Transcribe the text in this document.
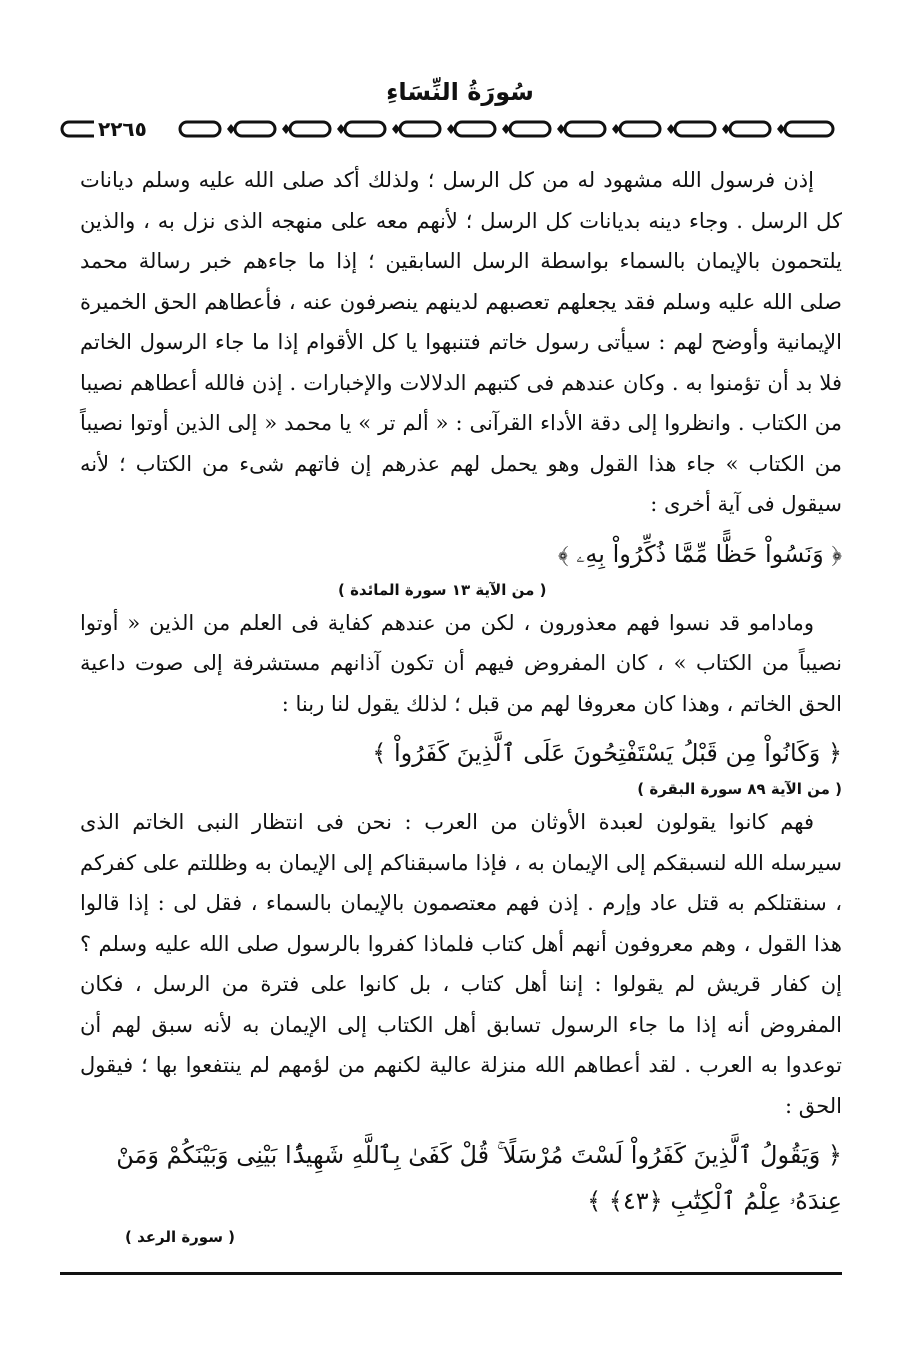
سُورَةُ النِّسَاءِ
٢٢٦٥

إذن فرسول الله مشهود له من كل الرسل ؛ ولذلك أكد صلى الله عليه وسلم ديانات كل الرسل . وجاء دينه بديانات كل الرسل ؛ لأنهم معه على منهجه الذى نزل به ، والذين يلتحمون بالإيمان بالسماء بواسطة الرسل السابقين ؛ إذا ما جاءهم خبر رسالة محمد صلى الله عليه وسلم فقد يجعلهم تعصبهم لدينهم ينصرفون عنه ، فأعطاهم الحق الخميرة الإيمانية وأوضح لهم : سيأتى رسول خاتم فتنبهوا يا كل الأقوام إذا ما جاء الرسول الخاتم فلا بد أن تؤمنوا به . وكان عندهم فى كتبهم الدلالات والإخبارات . إذن فالله أعطاهم نصيبا من الكتاب . وانظروا إلى دقة الأداء القرآنى : « ألم تر » يا محمد « إلى الذين أوتوا نصيباً من الكتاب » جاء هذا القول وهو يحمل لهم عذرهم إن فاتهم شىء من الكتاب ؛ لأنه سيقول فى آية أخرى :

﴿ وَنَسُواْ حَظًّا مِّمَّا ذُكِّرُواْ بِهِۦ ﴾

( من الآية ١٣ سورة المائدة )

ومادامو قد نسوا فهم معذورون ، لكن من عندهم كفاية فى العلم من الذين « أوتوا نصيباً من الكتاب » ، كان المفروض فيهم أن تكون آذانهم مستشرفة إلى صوت داعية الحق الخاتم ، وهذا كان معروفا لهم من قبل ؛ لذلك يقول لنا ربنا :

﴿ وَكَانُواْ مِن قَبْلُ يَسْتَفْتِحُونَ عَلَى ٱلَّذِينَ كَفَرُواْ ﴾

( من الآية ٨٩ سورة البقرة )

فهم كانوا يقولون لعبدة الأوثان من العرب : نحن فى انتظار النبى الخاتم الذى سيرسله الله لنسبقكم إلى الإيمان به ، فإذا ماسبقناكم إلى الإيمان به وظللتم على كفركم ، سنقتلكم به قتل عاد وإرم . إذن فهم معتصمون بالإيمان بالسماء ، فقل لى : إذا قالوا هذا القول ، وهم معروفون أنهم أهل كتاب فلماذا كفروا بالرسول صلى الله عليه وسلم ؟ إن كفار قريش لم يقولوا : إننا أهل كتاب ، بل كانوا على فترة من الرسل ، فكان المفروض أنه إذا ما جاء الرسول تسابق أهل الكتاب إلى الإيمان به لأنه سبق لهم أن توعدوا به العرب . لقد أعطاهم الله منزلة عالية لكنهم من لؤمهم لم ينتفعوا بها ؛ فيقول الحق :

﴿ وَيَقُولُ ٱلَّذِينَ كَفَرُواْ لَسْتَ مُرْسَلًا ۚ قُلْ كَفَىٰ بِٱللَّهِ شَهِيدًۢا بَيْنِى وَبَيْنَكُمْ وَمَنْ عِندَهُۥ عِلْمُ ٱلْكِتَٰبِ ﴿٤٣﴾ ﴾

( سورة الرعد )
